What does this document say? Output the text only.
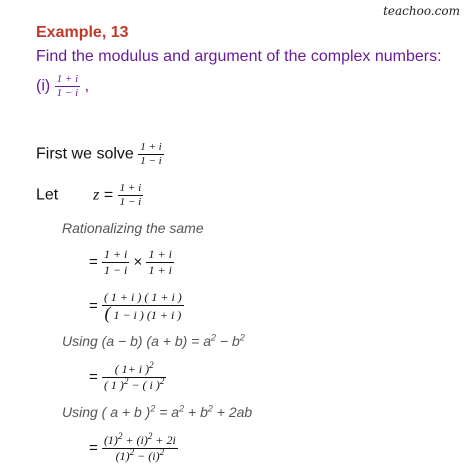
teachoo.com
Example, 13
Find the modulus and argument of the complex numbers:
$(i) \frac{1 + i}{1 - i}$ ,
First we solve $\frac{1 + i}{1 - i}$
Let $z = \frac{1 + i}{1 - i}$
Rationalizing the same
= $\frac{1 + i}{1 - i} \times \frac{1 + i}{1 + i}$
= $\frac{( 1 + i ) ( 1 + i )}{( 1 - i ) (1 + i )}$
Using (a − b) $(a + b) = a^2 - b^2$
= $\frac{( 1+ i )^2}{( 1 )^2 - ( i )^2}$
Using ( a + b )$^2 = a^2 + b^2 + 2ab$
= $\frac{(1)^2 + (i)^2 + 2i}{(1)^2 - (i)^2}$
